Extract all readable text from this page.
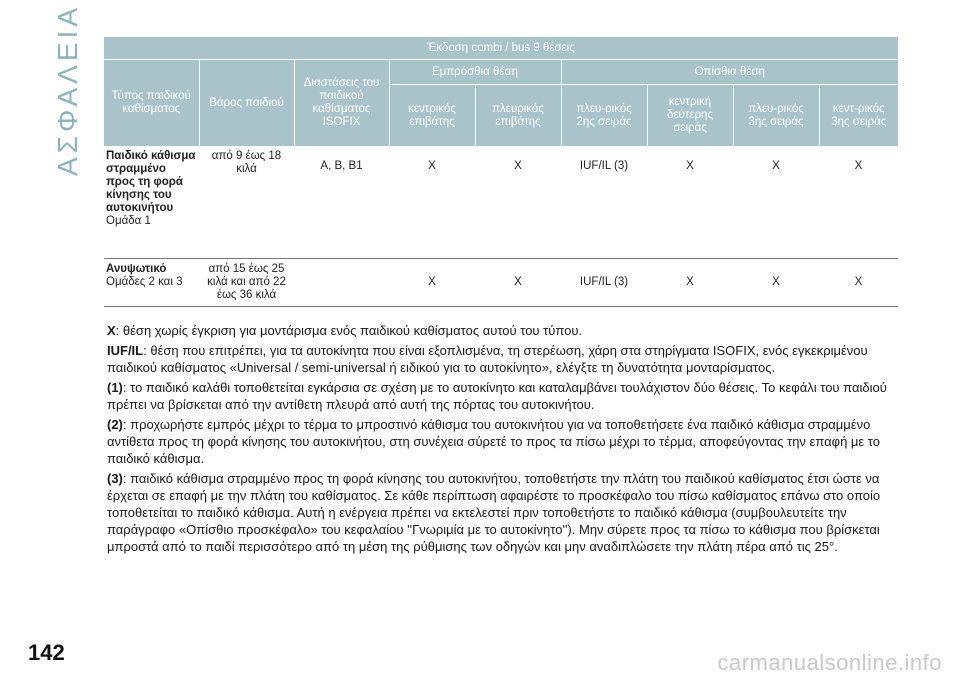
ΑΣΦΑΛΕΙΑ	Έκδοση combi / bus 9 θέσεις								
Τύπος παιδικού καθίσματος	Βάρος παιδιού	Διαστάσεις του παιδικού καθίσματος ISOFIX	Εμπρόσθια θέση		Οπίσθια θέση			
			κεντρικός επιβάτης	πλευρικός επιβάτης	πλευ-ρικός 2ης σειράς	κεντρική δεύτερης σειράς	πλευ-ρικός 3ης σειράς	κεντ-ρικός 3ης σειράς
Παιδικό κάθισμα στραμμένο προς τη φορά κίνησης του αυτοκινήτου
Ομάδα 1	από 9 έως 18 κιλά	A, B, B1	X	X	IUF/IL (3)	X	X	X
Ανυψωτικό
Ομάδες 2 και 3	από 15 έως 25 κιλά και από 22 έως 36 κιλά		X	X	IUF/IL (3)	X	X	X

X: θέση χωρίς έγκριση για μοντάρισμα ενός παιδικού καθίσματος αυτού του τύπου.

IUF/IL: θέση που επιτρέπει, για τα αυτοκίνητα που είναι εξοπλισμένα, τη στερέωση, χάρη στα στηρίγματα ISOFIX, ενός εγκεκριμένου παιδικού καθίσματος «Universal / semi-universal ή ειδικού για το αυτοκίνητο», ελέγξτε τη δυνατότητα μονταρίσματος.

(1): το παιδικό καλάθι τοποθετείται εγκάρσια σε σχέση με το αυτοκίνητο και καταλαμβάνει τουλάχιστον δύο θέσεις. Το κεφάλι του παιδιού πρέπει να βρίσκεται από την αντίθετη πλευρά από αυτή της πόρτας του αυτοκινήτου.

(2): προχωρήστε εμπρός μέχρι το τέρμα το μπροστινό κάθισμα του αυτοκινήτου για να τοποθετήσετε ένα παιδικό κάθισμα στραμμένο αντίθετα προς τη φορά κίνησης του αυτοκινήτου, στη συνέχεια σύρετέ το προς τα πίσω μέχρι το τέρμα, αποφεύγοντας την επαφή με το παιδικό κάθισμα.

(3): παιδικό κάθισμα στραμμένο προς τη φορά κίνησης του αυτοκινήτου, τοποθετήστε την πλάτη του παιδικού καθίσματος έτσι ώστε να έρχεται σε επαφή με την πλάτη του καθίσματος. Σε κάθε περίπτωση αφαιρέστε το προσκέφαλο του πίσω καθίσματος επάνω στο οποίο τοποθετείται το παιδικό κάθισμα. Αυτή η ενέργεια πρέπει να εκτελεστεί πριν τοποθετήστε το παιδικό κάθισμα (συμβουλευτείτε την παράγραφο «Οπίσθιο προσκέφαλο» του κεφαλαίου ''Γνωριμία με το αυτοκίνητο''). Μην σύρετε προς τα πίσω το κάθισμα που βρίσκεται μπροστά από το παιδί περισσότερο από τη μέση της ρύθμισης των οδηγών και μην αναδιπλώσετε την πλάτη πέρα από τις 25°.

142	carmanualsonline.info
